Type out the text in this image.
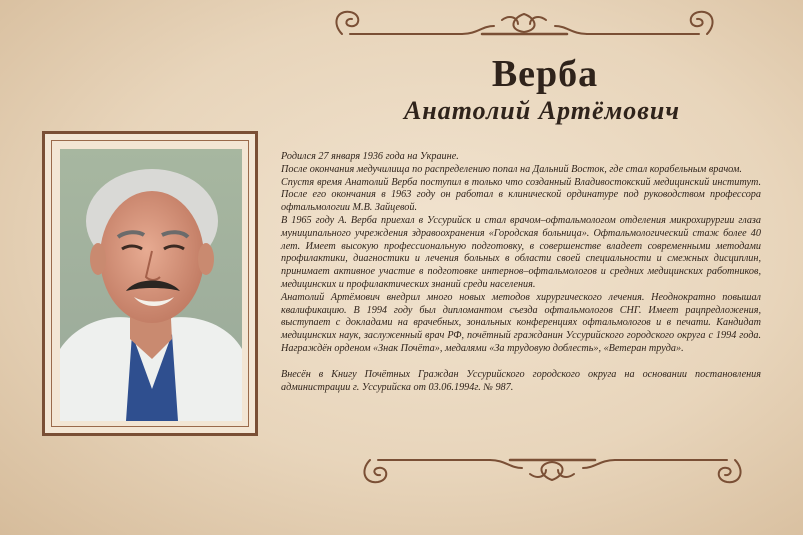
Верба
Анатолий Артёмович

Родился 27 января 1936 года на Украине.

После окончания медучилища по распределению попал на Дальний Восток, где стал корабельным врачом.

Спустя время Анатолий Верба поступил в только что созданный Владивостокский медицинский институт. После его окончания в 1963 году он работал в клинической ординатуре под руководством профессора офтальмологии М.В. Зайцевой.

В 1965 году А. Верба приехал в Уссурийск и стал врачом–офтальмологом отделения микрохирургии глаза муниципального учреждения здравоохранения «Городская больница». Офтальмологический стаж более 40 лет. Имеет высокую профессиональную подготовку, в совершенстве владеет современными методами профилактики, диагностики и лечения больных в области своей специальности и смежных дисциплин, принимает активное участие в подготовке интернов–офтальмологов и средних медицинских работников, медицинских и профилактических знаний среди населения.

Анатолий Артёмович внедрил много новых методов хирургического лечения. Неоднократно повышал квалификацию. В 1994 году был дипломантом съезда офтальмологов СНГ. Имеет рацпредложения, выступает с докладами на врачебных, зональных конференциях офтальмологов и в печати. Кандидат медицинских наук, заслуженный врач РФ, почётный гражданин Уссурийского городского округа с 1994 года. Награждён орденом «Знак Почёта», медалями «За трудовую доблесть», «Ветеран труда».

Внесён в Книгу Почётных Граждан Уссурийского городского округа на основании постановления администрации г. Уссурийска от 03.06.1994г. № 987.
